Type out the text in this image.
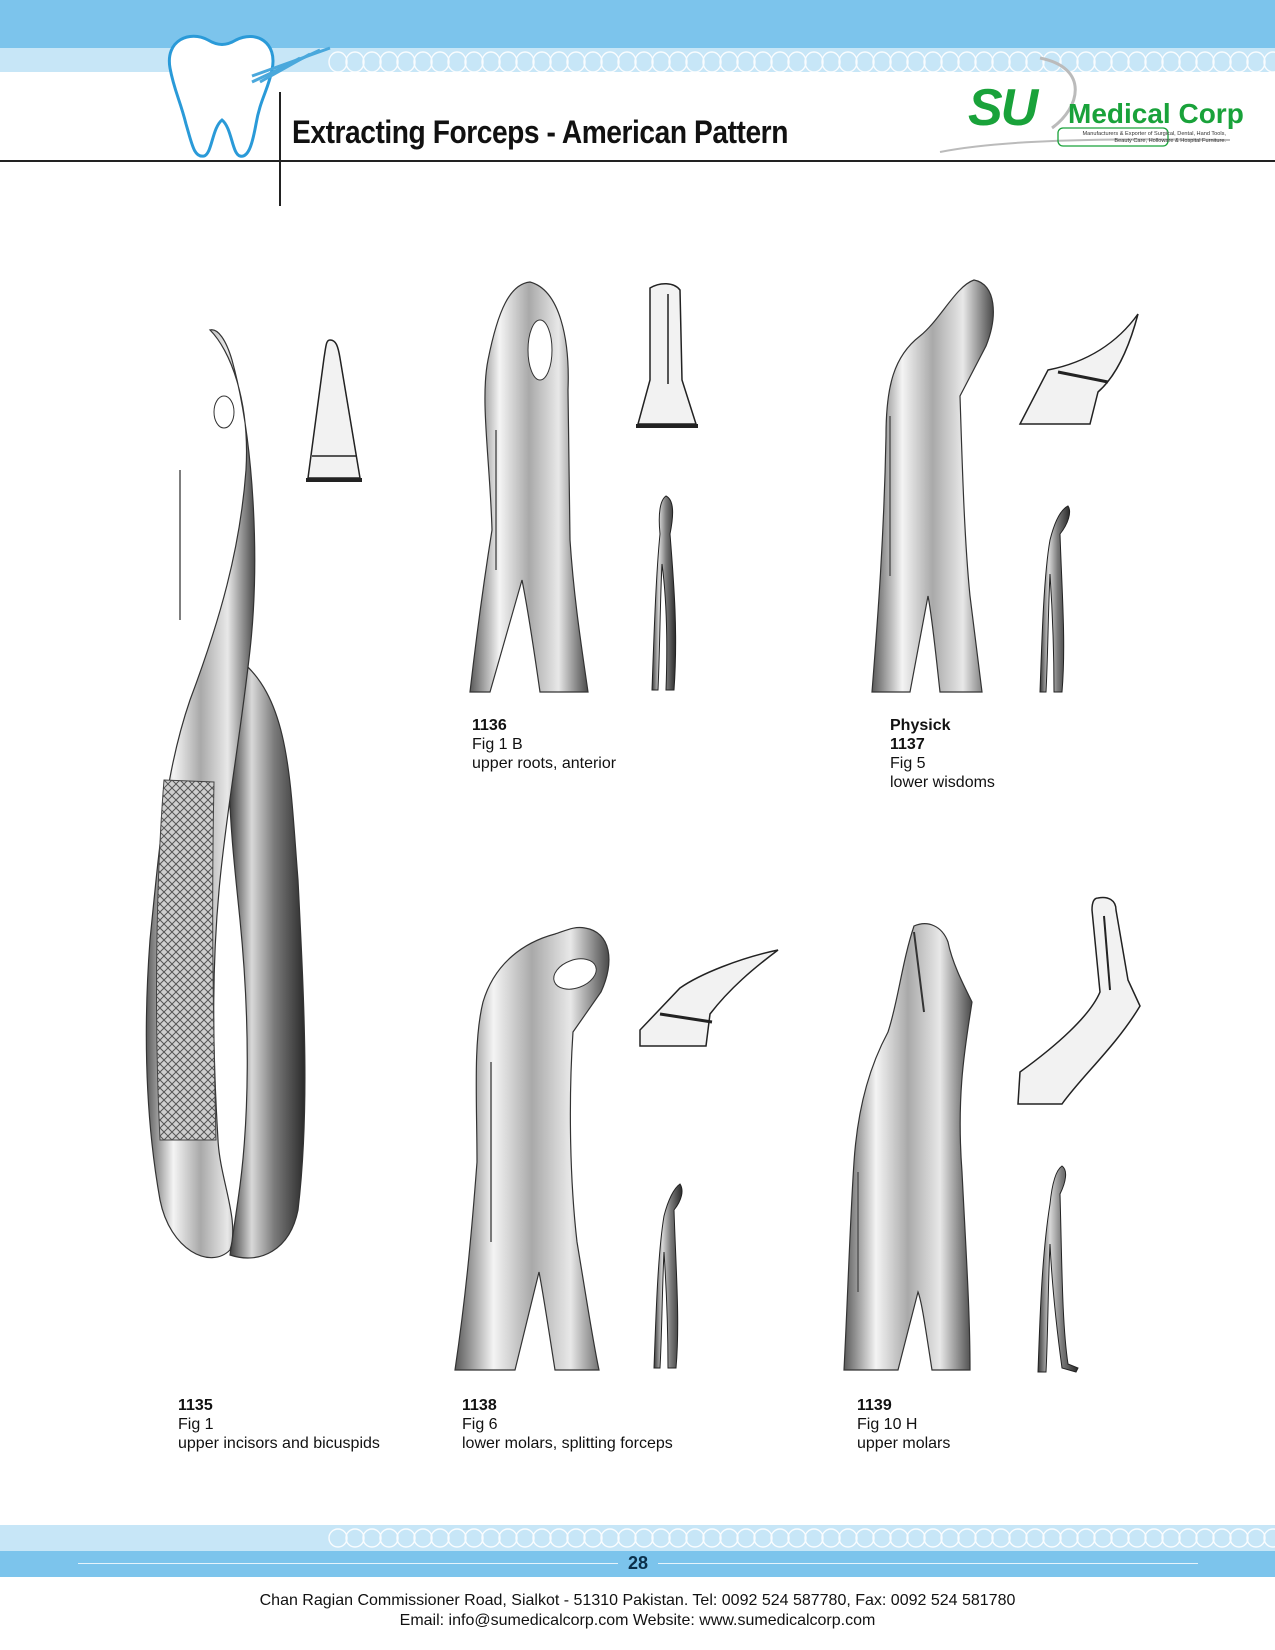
Extracting Forceps - American Pattern	SU Medical Corp
Manufacturers & Exporter of Surgical, Dental, Hand Tools,
Beauty Care, Holloware & Hospital Furniture.
1136
Fig 1 B
upper roots, anterior
Physick
1137
Fig 5
lower wisdoms
1135
Fig 1
upper incisors and bicuspids
1138
Fig 6
lower molars, splitting forceps
1139
Fig 10 H
upper molars
28
Chan Ragian Commissioner Road, Sialkot - 51310 Pakistan. Tel: 0092 524 587780, Fax: 0092 524 581780
Email: info@sumedicalcorp.com Website: www.sumedicalcorp.com
